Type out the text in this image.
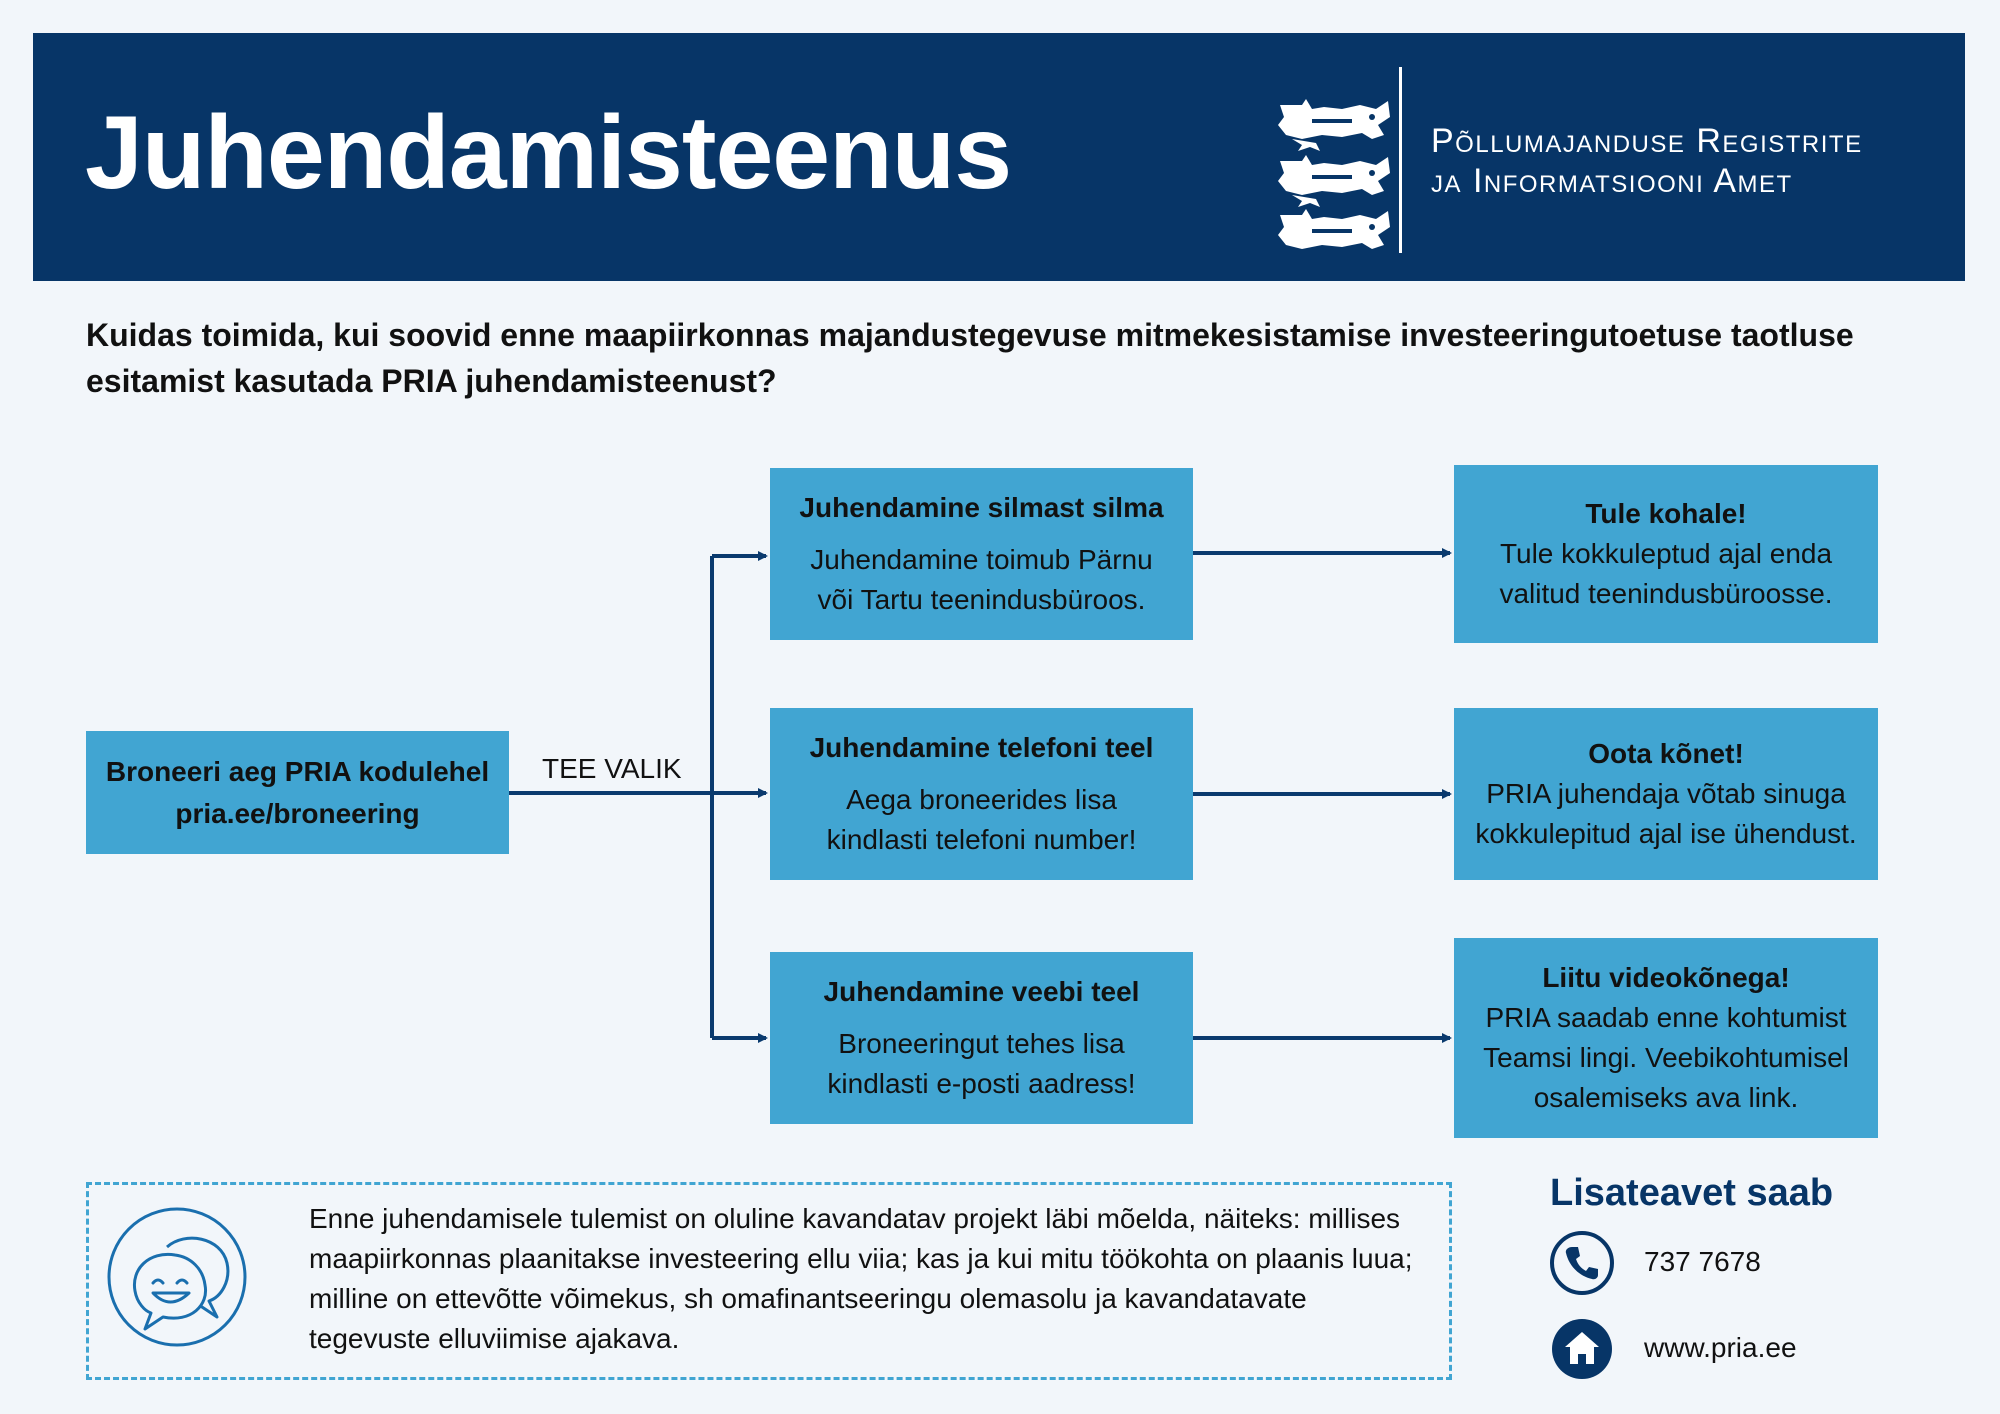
Juhendamisteenus	Põllumajanduse Registrite
ja Informatsiooni Amet
Kuidas toimida, kui soovid enne maapiirkonnas majandustegevuse mitmekesistamise investeeringutoetuse taotluse esitamist kasutada PRIA juhendamisteenust?
Broneeri aeg PRIA kodulehel
pria.ee/broneering
TEE VALIK
Juhendamine silmast silma
Juhendamine toimub Pärnu
või Tartu teenindusbüroos.
Juhendamine telefoni teel
Aega broneerides lisa
kindlasti telefoni number!
Juhendamine veebi teel
Broneeringut tehes lisa
kindlasti e-posti aadress!
Tule kohale!
Tule kokkuleptud ajal enda
valitud teenindusbüroosse.
Oota kõnet!
PRIA juhendaja võtab sinuga
kokkulepitud ajal ise ühendust.
Liitu videokõnega!
PRIA saadab enne kohtumist
Teamsi lingi. Veebikohtumisel
osalemiseks ava link.
Enne juhendamisele tulemist on oluline kavandatav projekt läbi mõelda, näiteks: millises maapiirkonnas plaanitakse investeering ellu viia; kas ja kui mitu töökohta on plaanis luua; milline on ettevõtte võimekus, sh omafinantseeringu olemasolu ja kavandatavate tegevuste elluviimise ajakava.
Lisateavet saab
737 7678
www.pria.ee
